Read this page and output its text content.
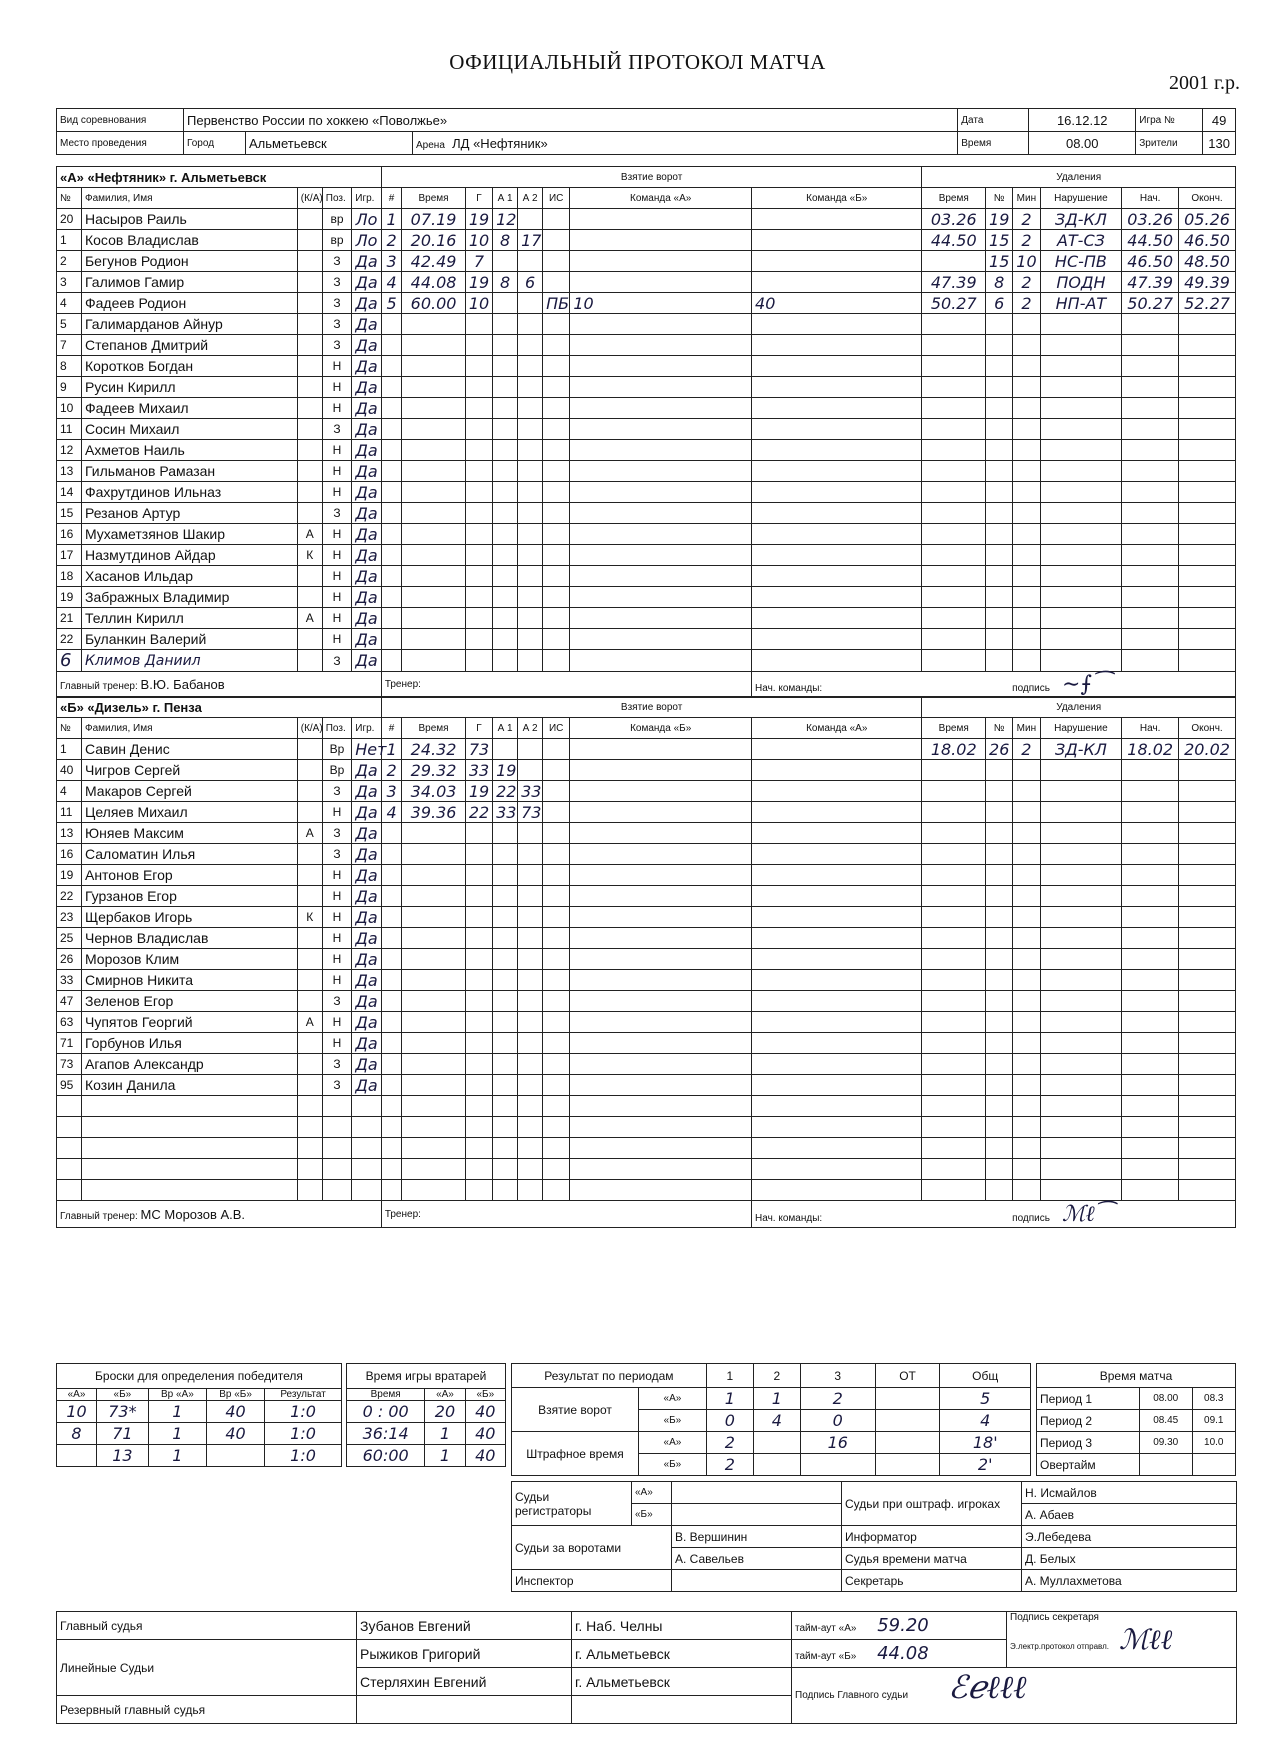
ОФИЦИАЛЬНЫЙ ПРОТОКОЛ МАТЧА
2001 г.р.
Вид соревнования	Первенство России по хоккею «Поволжье»			Дата	16.12.12	Игра №	49
Место проведения	Город	Альметьевск	Арена ЛД «Нефтяник»	Время	08.00	Зрители	130
«А» «Нефтяник» г. Альметьевск					Взятие ворот								Удаления					
№	Фамилия, Имя	(К/А)	Поз.	Игр.	#	Время	Г	А 1	А 2	ИС	Команда «А»	Команда «Б»	Время	№	Мин	Нарушение	Нач.	Оконч.
20	Насыров Раиль		вр	Ло	1	07.19	19	12					03.26	19	2	ЗД-КЛ	03.26	05.26
1	Косов Владислав		вр	Ло	2	20.16	10	8	17				44.50	15	2	АТ-СЗ	44.50	46.50
2	Бегунов Родион		З	Да	3	42.49	7							15	10	НС-ПВ	46.50	48.50
3	Галимов Гамир		З	Да	4	44.08	19	8	6				47.39	8	2	ПОДН	47.39	49.39
4	Фадеев Родион		З	Да	5	60.00	10			ПБ	10	40	50.27	6	2	НП-АТ	50.27	52.27
5	Галимарданов Айнур		З	Да														
7	Степанов Дмитрий		З	Да														
8	Коротков Богдан		Н	Да														
9	Русин Кирилл		Н	Да														
10	Фадеев Михаил		Н	Да														
11	Сосин Михаил		З	Да														
12	Ахметов Наиль		Н	Да														
13	Гильманов Рамазан		Н	Да														
14	Фахрутдинов Ильназ		Н	Да														
15	Резанов Артур		З	Да														
16	Мухаметзянов Шакир	А	Н	Да														
17	Назмутдинов Айдар	К	Н	Да														
18	Хасанов Ильдар		Н	Да														
19	Забражных Владимир		Н	Да														
21	Теллин Кирилл	А	Н	Да														
22	Буланкин Валерий		Н	Да														
6	Климов Даниил		З	Да														
Главный тренер: В.Ю. Бабанов					Тренер:							Нач. команды: подпись ∼⨍⁀						
«Б» «Дизель» г. Пенза					Взятие ворот								Удаления					
№	Фамилия, Имя	(К/А)	Поз.	Игр.	#	Время	Г	А 1	А 2	ИС	Команда «Б»	Команда «А»	Время	№	Мин	Нарушение	Нач.	Оконч.
1	Савин Денис		Вр	Нет	1	24.32	73						18.02	26	2	ЗД-КЛ	18.02	20.02
40	Чигров Сергей		Вр	Да	2	29.32	33	19										
4	Макаров Сергей		З	Да	3	34.03	19	22	33									
11	Целяев Михаил		Н	Да	4	39.36	22	33	73									
13	Юняев Максим	А	З	Да														
16	Саломатин Илья		З	Да														
19	Антонов Егор		Н	Да														
22	Гурзанов Егор		Н	Да														
23	Щербаков Игорь	К	Н	Да														
25	Чернов Владислав		Н	Да														
26	Морозов Клим		Н	Да														
33	Смирнов Никита		Н	Да														
47	Зеленов Егор		З	Да														
63	Чупятов Георгий	А	Н	Да														
71	Горбунов Илья		Н	Да														
73	Агапов Александр		З	Да														
95	Козин Данила		З	Да														

Главный тренер: МС Морозов А.В.					Тренер:							Нач. команды: подпись ℳℓ⁀						
Броски для определения победителя				
«А»	«Б»	Вр «А»	Вр «Б»	Результат
10	73*	1	40	1:0
8	71	1	40	1:0
	13	1		1:0
Время игры вратарей		
Время	«А»	«Б»
0 : 00	20	40
36:14	1	40
60:00	1	40
Результат по периодам		1	2	3	ОТ	Общ
Взятие ворот	«А»	1	1	2		5
	«Б»	0	4	0		4
Штрафное время	«А»	2		16		18'
	«Б»	2				2'
Время матча		
Период 1	08.00	08.3
Период 2	08.45	09.1
Период 3	09.30	10.0
Овертайм		
Судьи регистраторы	«А»		Судьи при оштраф. игроках	Н. Исмайлов
	«Б»			А. Абаев
Судьи за воротами		В. Вершинин	Информатор	Э.Лебедева
		А. Савельев	Судья времени матча	Д. Белых
Инспектор			Секретарь	А. Муллахметова
Главный судья	Зубанов Евгений	г. Наб. Челны	тайм-аут «А» 59.20	Подпись секретаря
Э.лектр.протокол отправл. ℳℓℓ
Линейные Судьи	Рыжиков Григорий	г. Альметьевск	тайм-аут «Б» 44.08	
	Стерляхин Евгений	г. Альметьевск	Подпись Главного судьи ℰℯℓℓℓ	
Резервный главный судья				
